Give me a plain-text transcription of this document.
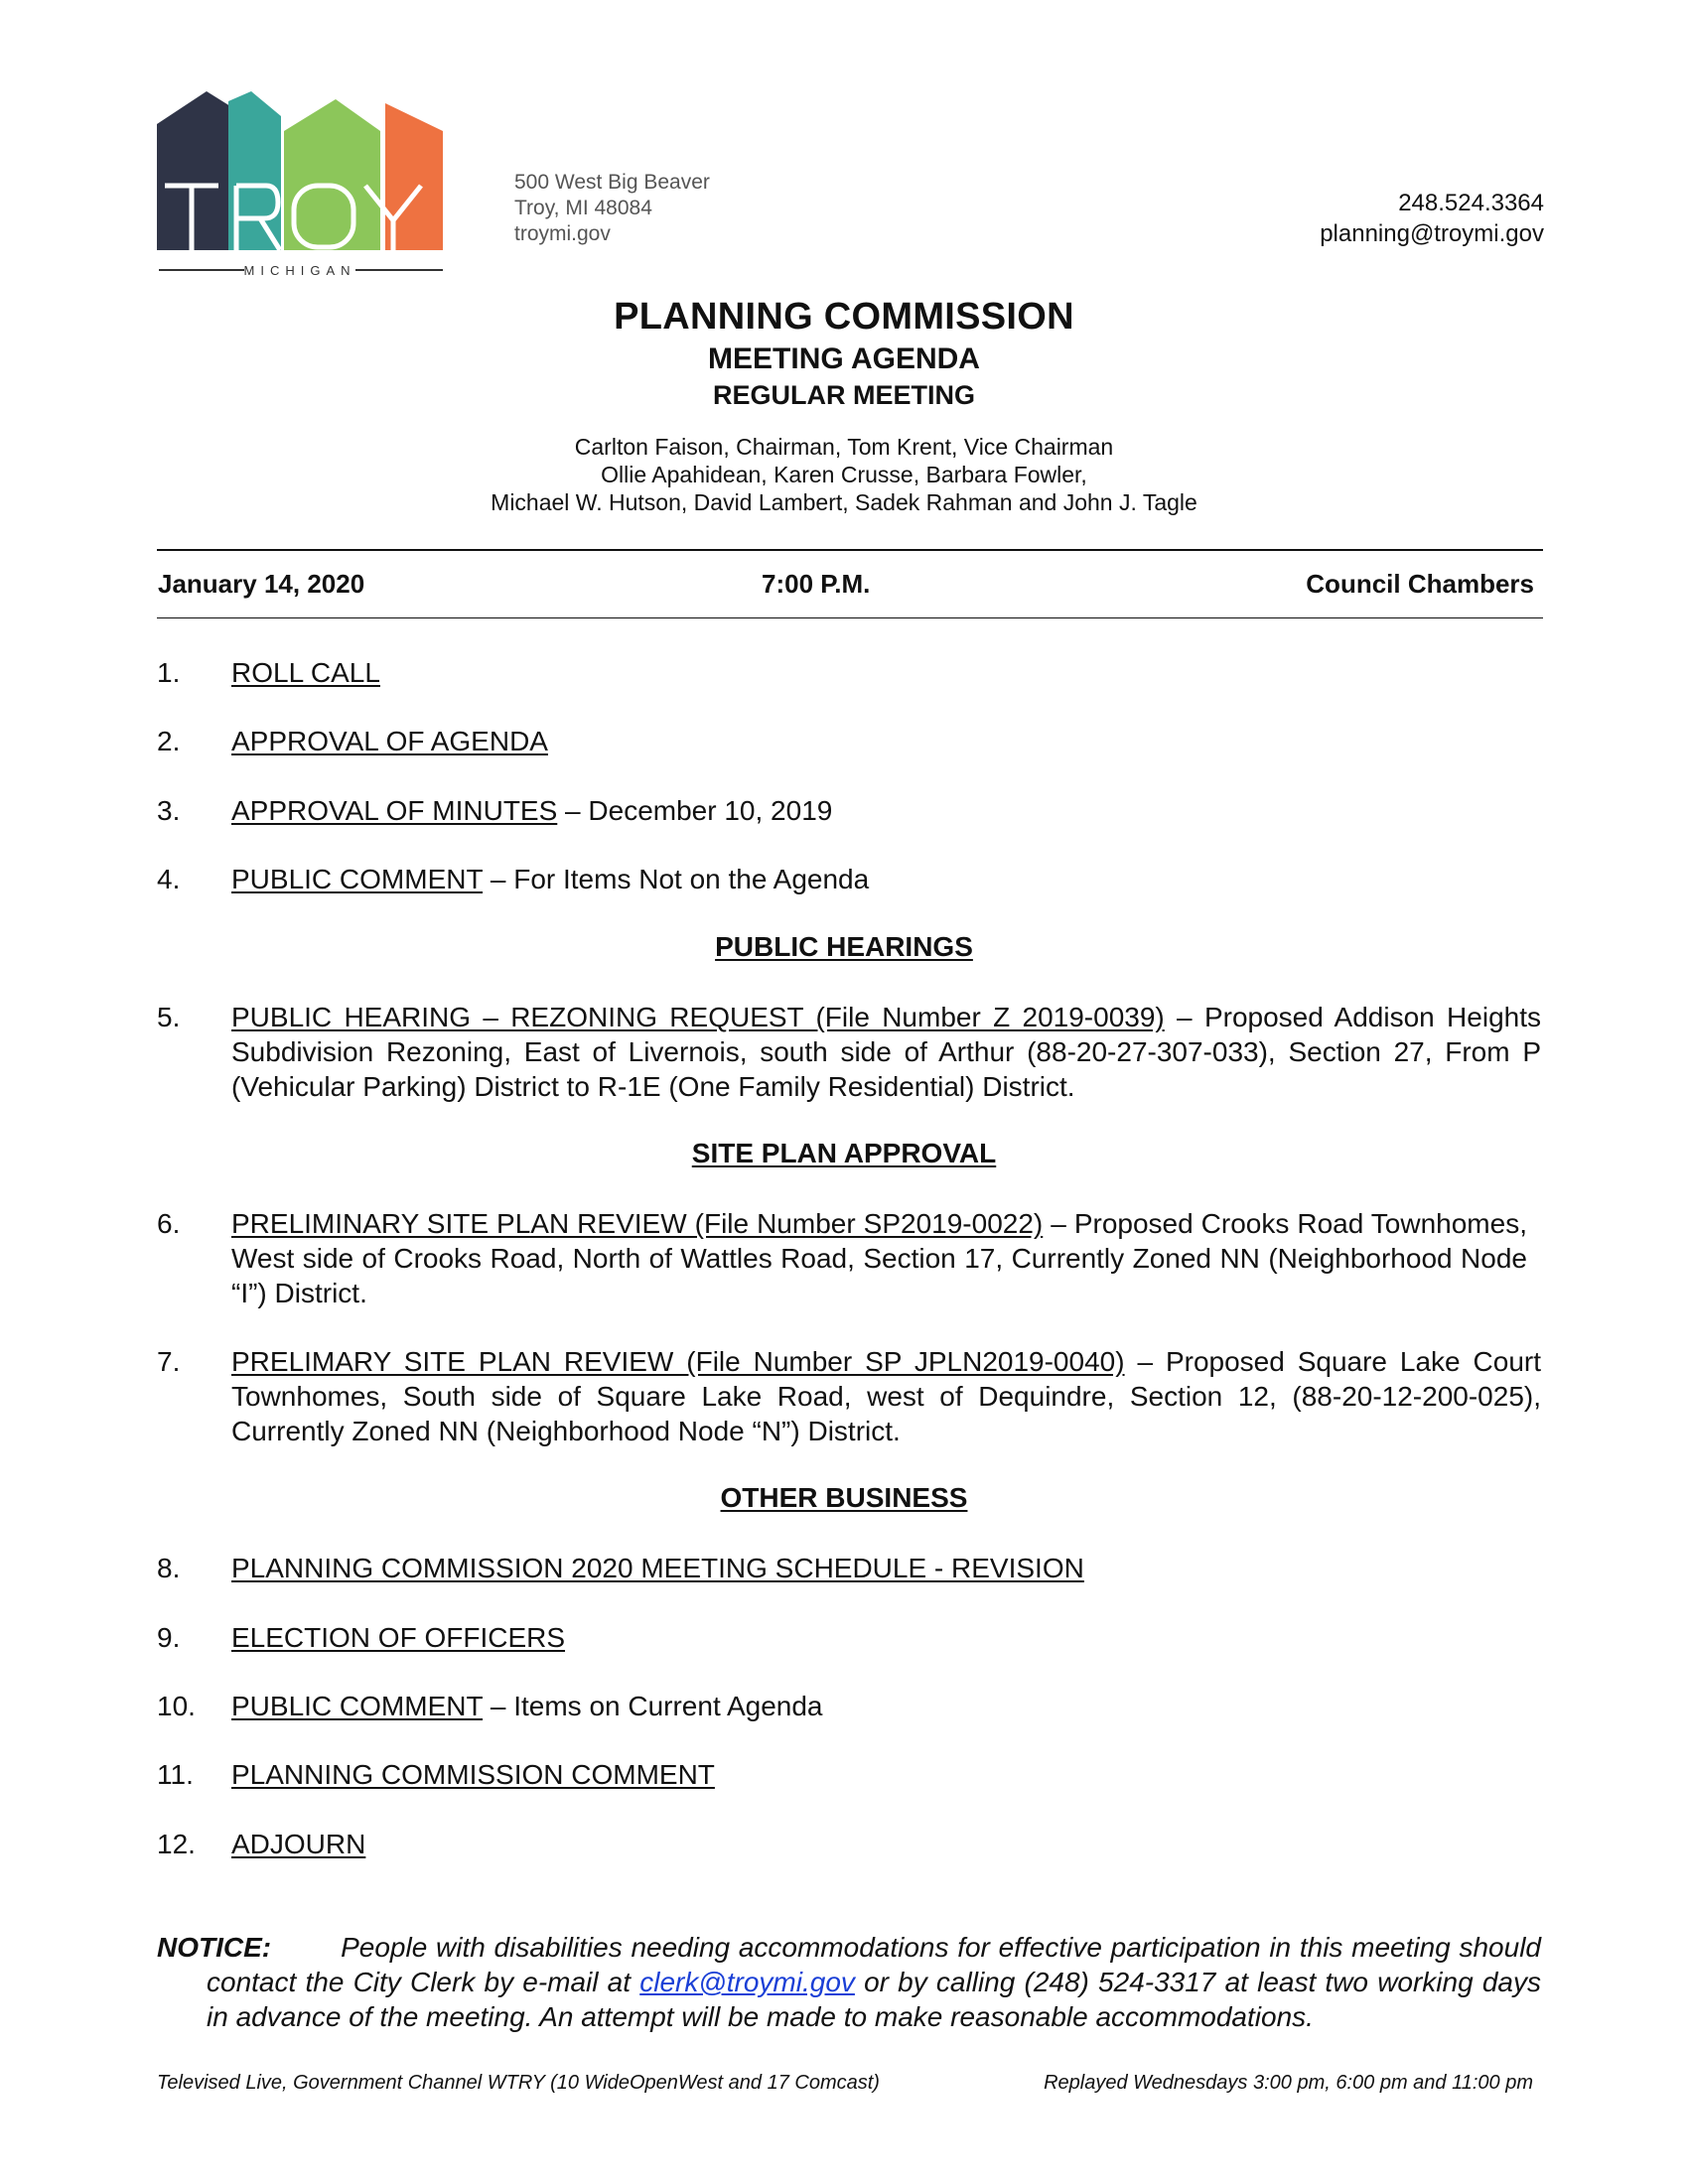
MICHIGAN
500 West Big Beaver
Troy, MI 48084
troymi.gov
248.524.3364
planning@troymi.gov
PLANNING COMMISSION
MEETING AGENDA
REGULAR MEETING
Carlton Faison, Chairman, Tom Krent, Vice Chairman
Ollie Apahidean, Karen Crusse, Barbara Fowler,
Michael W. Hutson, David Lambert, Sadek Rahman and John J. Tagle
January 14, 2020	7:00 P.M.	Council Chambers
1.	ROLL CALL
2.	APPROVAL OF AGENDA
3.	APPROVAL OF MINUTES – December 10, 2019
4.	PUBLIC COMMENT – For Items Not on the Agenda
PUBLIC HEARINGS
5.	PUBLIC HEARING – REZONING REQUEST (File Number Z 2019-0039) – Proposed Addison Heights Subdivision Rezoning, East of Livernois, south side of Arthur (88-20-27-307-033), Section 27, From P (Vehicular Parking) District to R-1E (One Family Residential) District.
SITE PLAN APPROVAL
6.	PRELIMINARY SITE PLAN REVIEW (File Number SP2019-0022) – Proposed Crooks Road Townhomes, West side of Crooks Road, North of Wattles Road, Section 17, Currently Zoned NN (Neighborhood Node “I”) District.
7.	PRELIMARY SITE PLAN REVIEW (File Number SP JPLN2019-0040) – Proposed Square Lake Court Townhomes, South side of Square Lake Road, west of Dequindre, Section 12, (88-20-12-200-025), Currently Zoned NN (Neighborhood Node “N”) District.
OTHER BUSINESS
8.	PLANNING COMMISSION 2020 MEETING SCHEDULE - REVISION
9.	ELECTION OF OFFICERS
10.	PUBLIC COMMENT – Items on Current Agenda
11.	PLANNING COMMISSION COMMENT
12.	ADJOURN
NOTICE:	People with disabilities needing accommodations for effective participation in this meeting should contact the City Clerk by e-mail at clerk@troymi.gov or by calling (248) 524-3317 at least two working days in advance of the meeting. An attempt will be made to make reasonable accommodations.
Televised Live, Government Channel WTRY (10 WideOpenWest and 17 Comcast)	Replayed Wednesdays 3:00 pm, 6:00 pm and 11:00 pm
